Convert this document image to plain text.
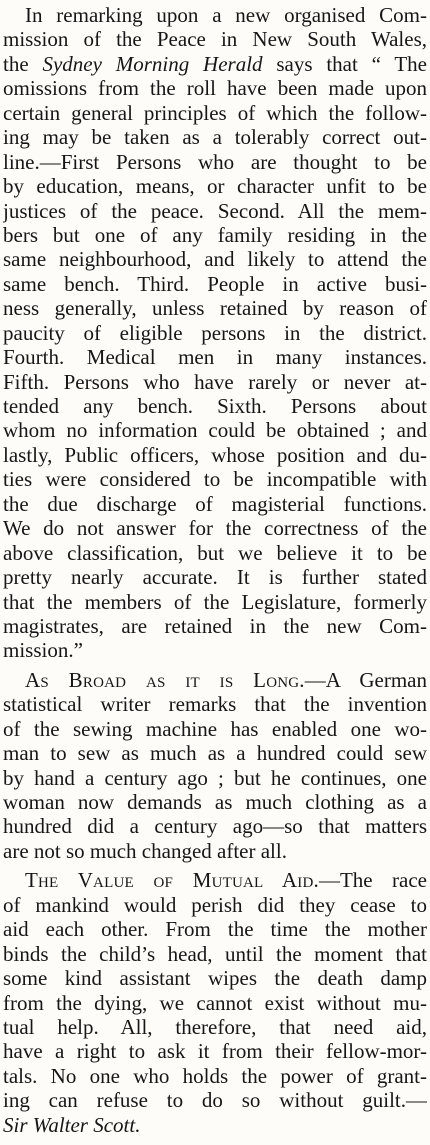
In remarking upon a new organised Com-
mission of the Peace in New South Wales,
the Sydney Morning Herald says that “ The
omissions from the roll have been made upon
certain general principles of which the follow-
ing may be taken as a tolerably correct out-
line.—First Persons who are thought to be
by education, means, or character unfit to be
justices of the peace. Second. All the mem-
bers but one of any family residing in the
same neighbourhood, and likely to attend the
same bench. Third. People in active busi-
ness generally, unless retained by reason of
paucity of eligible persons in the district.
Fourth. Medical men in many instances.
Fifth. Persons who have rarely or never at-
tended any bench. Sixth. Persons about
whom no information could be obtained ; and
lastly, Public officers, whose position and du-
ties were considered to be incompatible with
the due discharge of magisterial functions.
We do not answer for the correctness of the
above classification, but we believe it to be
pretty nearly accurate. It is further stated
that the members of the Legislature, formerly
magistrates, are retained in the new Com-
mission.”
As Broad as it is Long.—A German
statistical writer remarks that the invention
of the sewing machine has enabled one wo-
man to sew as much as a hundred could sew
by hand a century ago ; but he continues, one
woman now demands as much clothing as a
hundred did a century ago—so that matters
are not so much changed after all.
The Value of Mutual Aid.—The race
of mankind would perish did they cease to
aid each other. From the time the mother
binds the child’s head, until the moment that
some kind assistant wipes the death damp
from the dying, we cannot exist without mu-
tual help. All, therefore, that need aid,
have a right to ask it from their fellow-mor-
tals. No one who holds the power of grant-
ing can refuse to do so without guilt.—
Sir Walter Scott.
